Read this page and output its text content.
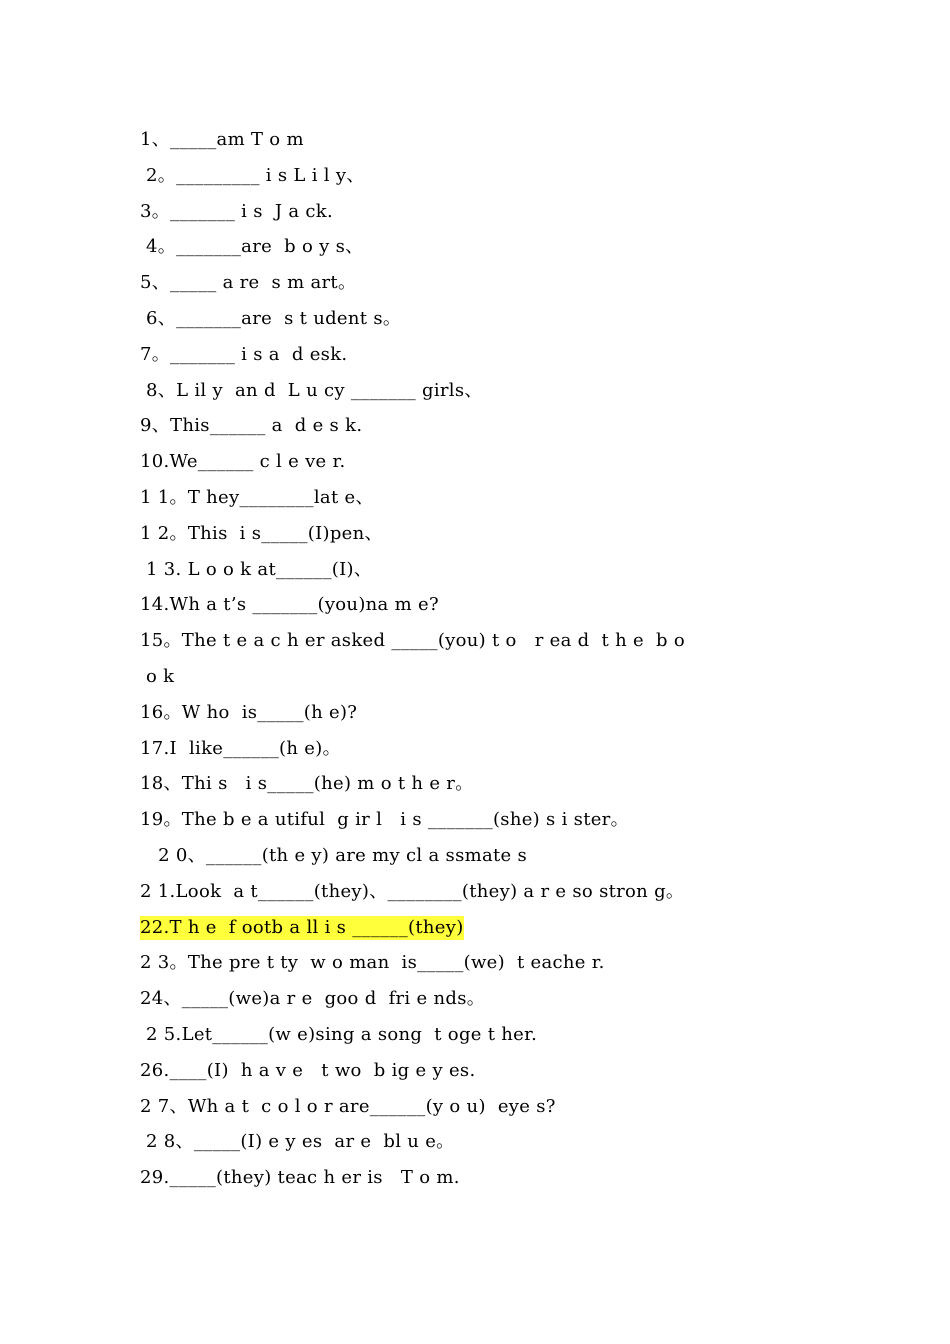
1、_____am T o m
2。_________ i s L i l y、
3。_______ i s  J a ck.
4。_______are  b o y s、
5、_____ a re  s m art。
6、_______are  s t udent s。
7。_______ i s a  d esk.
8、L il y  an d  L u cy _______ girls、
9、This______ a  d e s k.
10.We______ c l e ve r.
1 1。T hey________lat e、
1 2。This  i s_____(I)pen、
1 3. L o o k at______(I)、
14.Wh a t’s _______(you)na m e?
15。The t e a c h er asked _____(you) t o   r ea d  t h e  b o
o k
16。W ho  is_____(h e)?
17.I  like______(h e)。
18、Thi s   i s_____(he) m o t h e r。
19。The b e a utiful  g ir l   i s _______(she) s i ster。
2 0、______(th e y) are my cl a ssmate s
2 1.Look  a t______(they)、________(they) a r e so stron g。
22.T h e  f ootb a ll i s ______(they)
2 3。The pre t ty  w o man  is_____(we)  t eache r.
24、_____(we)a r e  goo d  fri e nds。
2 5.Let______(w e)sing a song  t oge t her.
26.____(I)  h a v e   t wo  b ig e y es.
2 7、Wh a t  c o l o r are______(y o u)  eye s?
2 8、_____(I) e y es  ar e  bl u e。
29._____(they) teac h er is   T o m.
